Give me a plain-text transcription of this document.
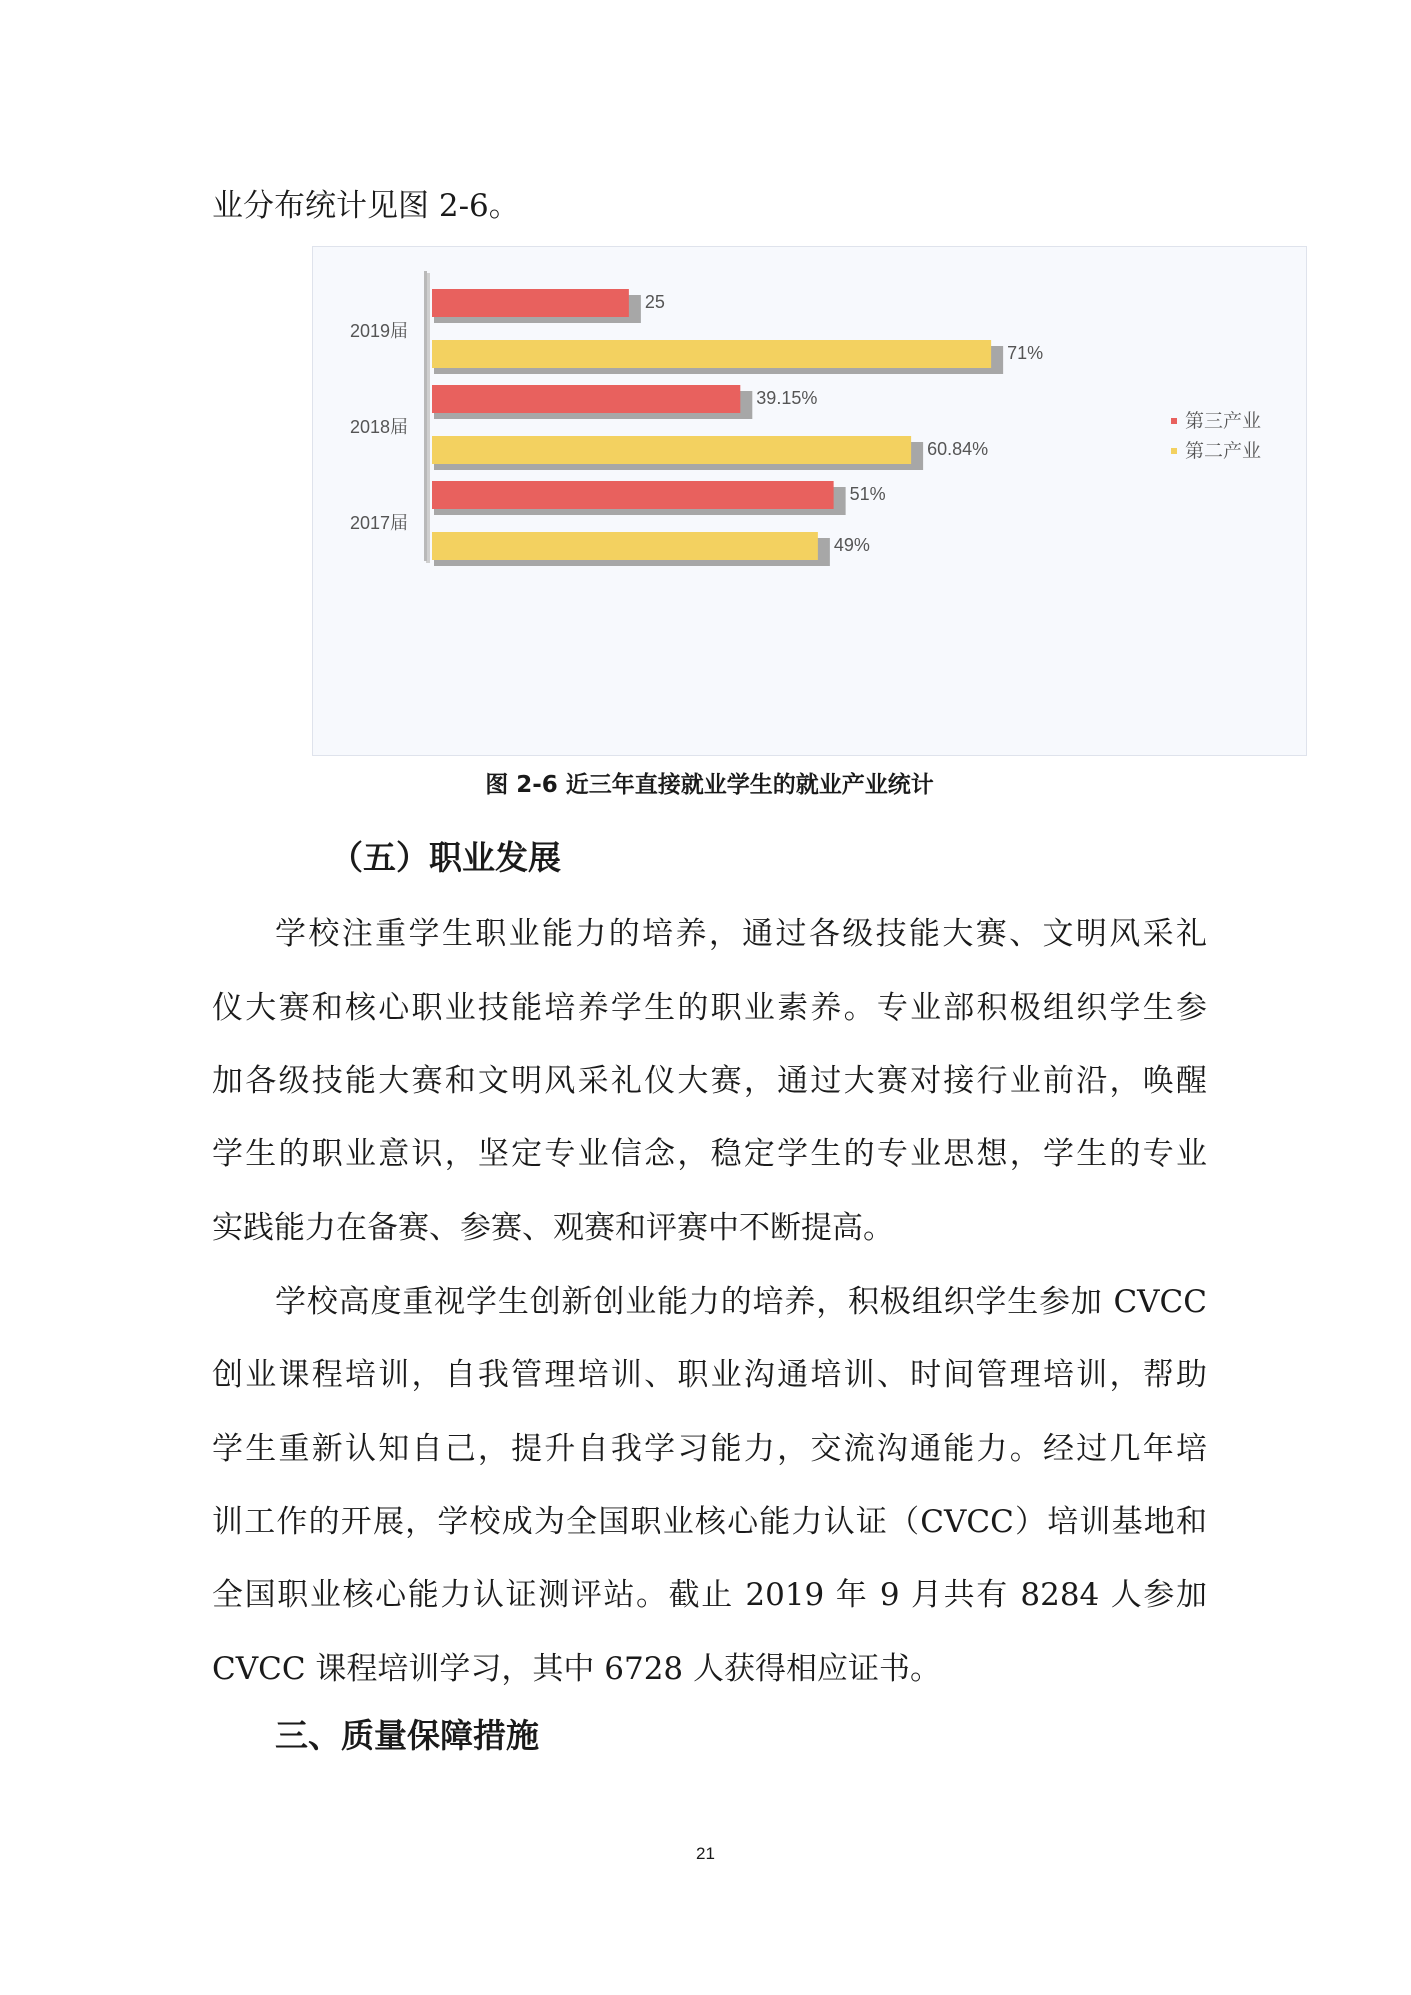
业分布统计见图 2-6。
2019届
25
71%
2018届
39.15%
60.84%
2017届
51%
49%
第三产业
第二产业
图 2-6 近三年直接就业学生的就业产业统计
（五）职业发展
学校注重学生职业能力的培养，通过各级技能大赛、文明风采礼
仪大赛和核心职业技能培养学生的职业素养。专业部积极组织学生参
加各级技能大赛和文明风采礼仪大赛，通过大赛对接行业前沿，唤醒
学生的职业意识，坚定专业信念，稳定学生的专业思想，学生的专业
实践能力在备赛、参赛、观赛和评赛中不断提高。
学校高度重视学生创新创业能力的培养，积极组织学生参加 CVCC
创业课程培训，自我管理培训、职业沟通培训、时间管理培训，帮助
学生重新认知自己，提升自我学习能力，交流沟通能力。经过几年培
训工作的开展，学校成为全国职业核心能力认证（CVCC）培训基地和
全国职业核心能力认证测评站。截止 2019 年 9 月共有 8284 人参加
CVCC 课程培训学习，其中 6728 人获得相应证书。
三、质量保障措施
21
